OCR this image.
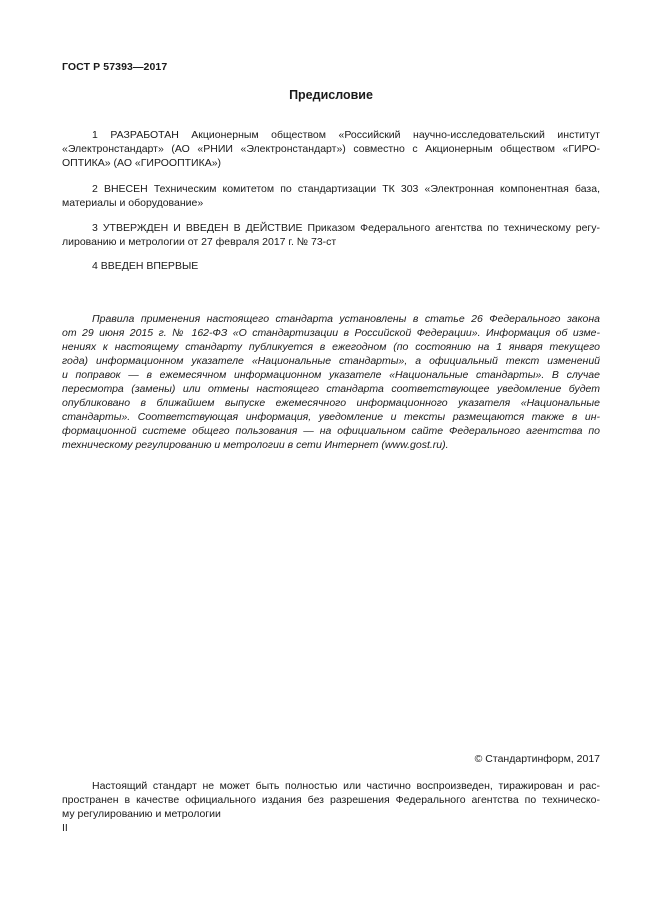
ГОСТ Р 57393—2017
Предисловие
1 РАЗРАБОТАН Акционерным обществом «Российский научно-исследовательский институт
«Электронстандарт» (АО «РНИИ «Электронстандарт») совместно с Акционерным обществом «ГИРО-
ОПТИКА» (АО «ГИРООПТИКА»)
2 ВНЕСЕН Техническим комитетом по стандартизации ТК 303 «Электронная компонентная база,
материалы и оборудование»
3 УТВЕРЖДЕН И ВВЕДЕН В ДЕЙСТВИЕ Приказом Федерального агентства по техническому регу-
лированию и метрологии от 27 февраля 2017 г. № 73-ст
4 ВВЕДЕН ВПЕРВЫЕ
Правила применения настоящего стандарта установлены в статье 26 Федерального закона
от 29 июня 2015 г. № 162-ФЗ «О стандартизации в Российской Федерации». Информация об изме-
нениях к настоящему стандарту публикуется в ежегодном (по состоянию на 1 января текущего
года) информационном указателе «Национальные стандарты», а официальный текст изменений
и поправок — в ежемесячном информационном указателе «Национальные стандарты». В случае
пересмотра (замены) или отмены настоящего стандарта соответствующее уведомление будет
опубликовано в ближайшем выпуске ежемесячного информационного указателя «Национальные
стандарты». Соответствующая информация, уведомление и тексты размещаются также в ин-
формационной системе общего пользования — на официальном сайте Федерального агентства по
техническому регулированию и метрологии в сети Интернет (www.gost.ru).
© Стандартинформ, 2017
Настоящий стандарт не может быть полностью или частично воспроизведен, тиражирован и рас-
пространен в качестве официального издания без разрешения Федерального агентства по техническо-
му регулированию и метрологии
II
